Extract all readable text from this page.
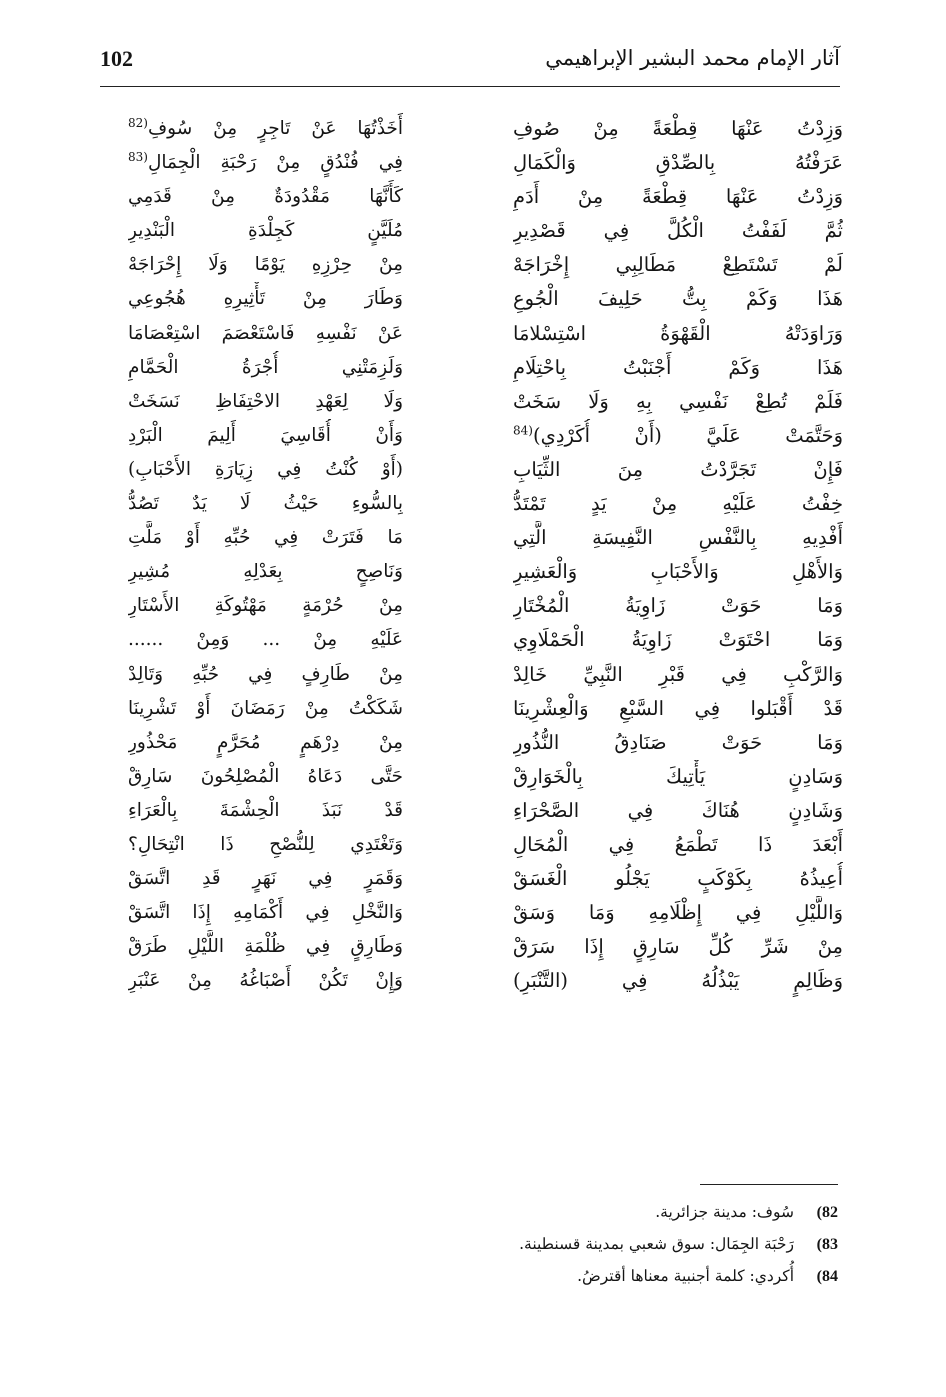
102	آثار الإمام محمد البشير الإبراهيمي
وَزِدْتُ عَنْهَا قِطْعَةً مِنْ صُوفِ
عَرَفْتُهُ بِالصِّدْقِ وَالْكَمَالِ
وَزِدْتُ عَنْهَا قِطْعَةً مِنْ أَدَمِ
ثُمَّ لَفَفْتُ الْكُلَّ فِي قَصْدِيرِ
لَمْ تَسْتَطِعْ مَطَالِبِي إِخْرَاجَهْ
هَذَا وَكَمْ بِتُّ حَلِيفَ الْجُوعِ
وَرَاوَدَتْهُ الْقَهْوَةُ اسْتِسْلامَا
هَذَا وَكَمْ أَجْنَبْتُ بِاحْتِلَامِ
فَلَمْ تُطِعْ نَفْسِي بِهِ وَلَا سَخَتْ
وَحَتَّمَتْ عَلَيَّ (أَنْ أُكَرْدِي)$^{(84}$
فَإِنْ تَجَرَّدْتُ مِنَ الثِّيَابِ
خِفْتُ عَلَيْهِ مِنْ يَدٍ تَمْتَدُّ
أَفْدِيهِ بِالنَّفْسِ النَّفِيسَةِ الَّتِي
وَالأَهْلِ وَالأَحْبَابِ وَالْعَشِيرِ
وَمَا حَوَتْ زَاوِيَةُ الْمُخْتَارِ
وَمَا احْتَوَتْ زَاوِيَةُ الْحَمْلَاوِي
وَالرَّكْبِ فِي قَبْرِ النَّبِيِّ خَالِدْ
قَدْ أَقْبَلوا فِي السَّبْعِ وَالْعِشْرِينَا
وَمَا حَوَتْ صَنَادِقُ النُّذُورِ
وَسَادِنٍ يَأْتِيكَ بِالْخَوَارِقْ
وَشَادِنٍ هُنَاكَ فِي الصَّحْرَاءِ
أَبْعَدَ ذَا تَطْمَعُ فِي الْمُحَالِ
أُعِيذُهُ بِكَوْكَبٍ يَجْلُو الْغَسَقْ
وَاللَّيْلِ فِي إِظْلَامِهِ وَمَا وَسَقْ
مِنْ شَرِّ كُلِّ سَارِقٍ إِذَا سَرَقْ
وَظَالِمٍ يَبْذُلُهُ فِي (التَّنْبَرِ)
أَخَذْتُهَا عَنْ تَاجِرٍ مِنْ سُوفِ$^{(82}$
فِي فُنْدُقٍ مِنْ رَحْبَةِ الْجِمَالِ$^{(83}$
كَأَنَّهَا مَقْدُودَةٌ مِنْ قَدَمِي
مُلَيَّنٍ كَجِلْدَةِ الْبَنْدِيرِ
مِنْ حِرْزِهِ يَوْمًا وَلَا إِحْرَاجَهْ
وَطَارَ مِنْ تَأْثِيرِهِ هُجُوعِي
عَنْ نَفْسِهِ فَاسْتَعْصَمَ اسْتِعْصَامَا
وَلَزِمَتْنِي أُجْرَةُ الْحَمَّامِ
وَلَا لِعَهْدِ الاحْتِفَاظِ نَسَخَتْ
وَأَنْ أُقَاسِيَ أَلِيمَ الْبَرْدِ
(أَوْ كُنْتُ فِي زِيَارَةِ الأَحْبَابِ)
بِالسُّوءِ حَيْثُ لَا يَدٌ تَصُدُّ
مَا فَتَرَتْ فِي حُبِّهِ أَوْ مَلَّتِ
وَنَاصِحٍ بِعَدْلِهِ مُشِيرِ
مِنْ حُرْمَةٍ مَهْتُوكَةِ الأَسْتَارِ
عَلَيْهِ مِنْ ... وَمِنْ ......
مِنْ طَارِفٍ فِي حُبِّهِ وَتَالِدْ
شَكَكْتُ مِنْ رَمَضَانَ أَوْ تَشْرِينَا
مِنْ دِرْهَمٍ مُحَرَّمٍ مَحْذُورِ
حَتَّى دَعَاهُ الْمُصْلِحُونَ سَارِقْ
قَدْ نَبَذَ الْحِشْمَةَ بِالْعَرَاءِ
وَتَغْتَدِي لِلنُّصْحِ ذَا انْتِحَالِ؟
وَقَمَرٍ فِي نَهَرٍ قَدِ اتَّسَقْ
وَالنَّخْلِ فِي أَكْمَامِهِ إِذَا اتَّسَقْ
وَطَارِقٍ فِي ظُلْمَةِ اللَّيْلِ طَرَقْ
وَإِنْ تَكُنْ أَصْبَاغُهُ مِنْ عَنْبَرِ
82)سُوف: مدينة جزائرية.
83)رَحْبَة الجِمَال: سوق شعبي بمدينة قسنطينة.
84)أُكردي: كلمة أجنبية معناها أقترضُ.
